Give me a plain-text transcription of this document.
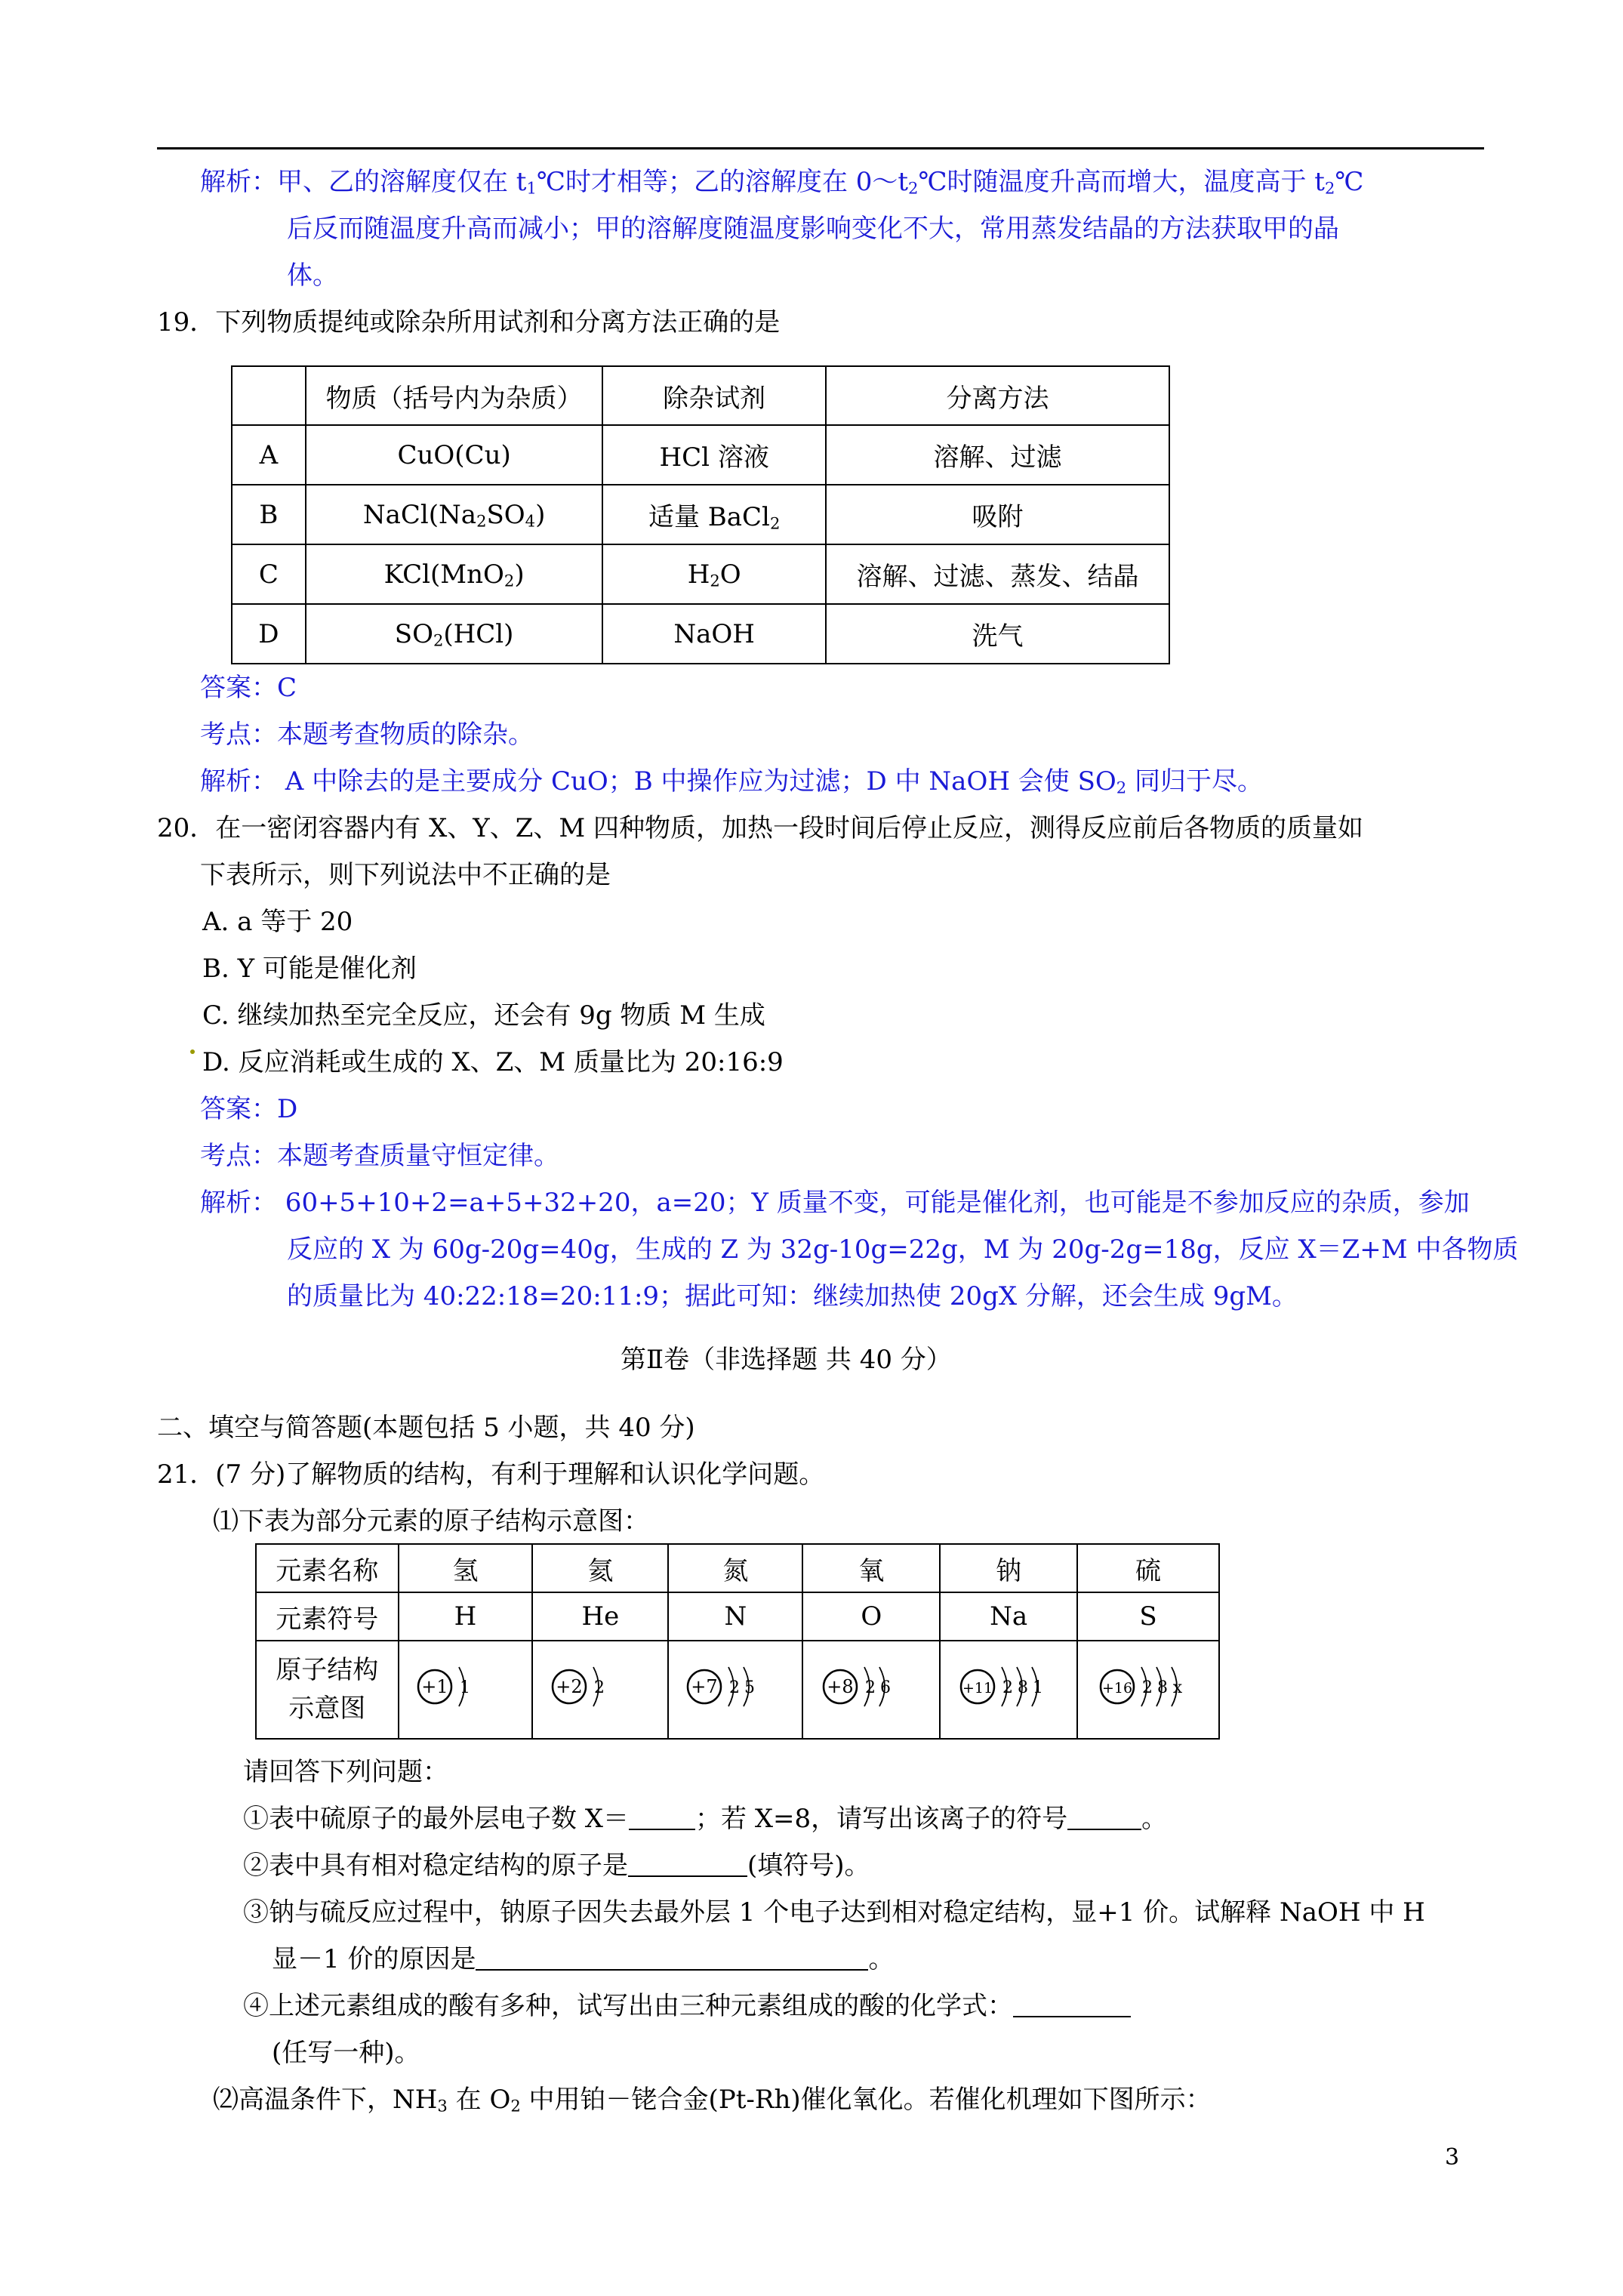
解析：甲、乙的溶解度仅在 $t_1℃$时才相等；乙的溶解度在 $0\sim t_2℃$时随温度升高而增大，温度高于 $t_2℃$
后反而随温度升高而减小；甲的溶解度随温度影响变化不大，常用蒸发结晶的方法获取甲的晶
体。
19．下列物质提纯或除杂所用试剂和分离方法正确的是
	物质（括号内为杂质）	除杂试剂	分离方法
A	CuO(Cu)	HCl 溶液	溶解、过滤
B	$NaCl(Na_2SO_4)$	适量 BaCl$_2$	吸附
C	KCl(MnO$_2$)	$H_2O$	溶解、过滤、蒸发、结晶
D	$SO_2(HCl)$	NaOH	洗气
答案：C
考点：本题考查物质的除杂。
解析： A 中除去的是主要成分 CuO；B 中操作应为过滤；D 中 NaOH 会使 $SO_2$ 同归于尽。
20．在一密闭容器内有 X、Y、Z、M 四种物质，加热一段时间后停止反应，测得反应前后各物质的质量如
下表所示，则下列说法中不正确的是
A. a 等于 20
B. Y 可能是催化剂
C. 继续加热至完全反应，还会有 9g 物质 M 生成
D. 反应消耗或生成的 X、Z、M 质量比为 20:16:9
答案：D
考点：本题考查质量守恒定律。
解析： 60+5+10+2=a+5+32+20，a=20；Y 质量不变，可能是催化剂，也可能是不参加反应的杂质，参加
反应的 X 为 60g-20g=40g，生成的 Z 为 32g-10g=22g，M 为 20g-2g=18g，反应 X＝Z+M 中各物质
的质量比为 40:22:18=20:11:9；据此可知：继续加热使 20gX 分解，还会生成 9gM。
第Ⅱ卷（非选择题 共 40 分）
二、填空与简答题(本题包括 5 小题，共 40 分)
21．(7 分)了解物质的结构，有利于理解和认识化学问题。
⑴下表为部分元素的原子结构示意图：
元素名称	氢	氦	氮	氧	钠	硫
元素符号	H	He	N	O	Na	S
原子结构
示意图	+1 1	+2 2	+7 2 5	+8 2 6	+11 2 8 1	+16 2 8 x
请回答下列问题：
①表中硫原子的最外层电子数 X＝	；若 X=8，请写出该离子的符号	。
②表中具有相对稳定结构的原子是	(填符号)。
③钠与硫反应过程中，钠原子因失去最外层 1 个电子达到相对稳定结构，显+1 价。试解释 NaOH 中 H
显－1 价的原因是	。
④上述元素组成的酸有多种，试写出由三种元素组成的酸的化学式：
(任写一种)。
⑵高温条件下，$NH_3$ 在 $O_2$ 中用铂－铑合金(Pt-Rh)催化氧化。若催化机理如下图所示：
3
